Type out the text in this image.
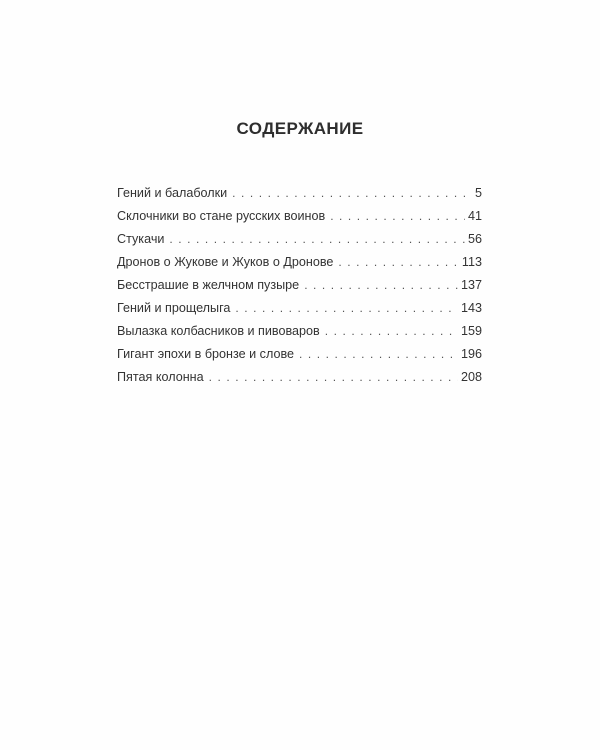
СОДЕРЖАНИЕ
Гений и балаболки . . .	5
Склочники во стане русских воинов . . .	41
Стукачи . . .	56
Дронов о Жукове и Жуков о Дронове . . .	113
Бесстрашие в желчном пузыре . . .	137
Гений и прощелыга . . .	143
Вылазка колбасников и пивоваров . . .	159
Гигант эпохи в бронзе и слове . . .	196
Пятая колонна . . .	208
